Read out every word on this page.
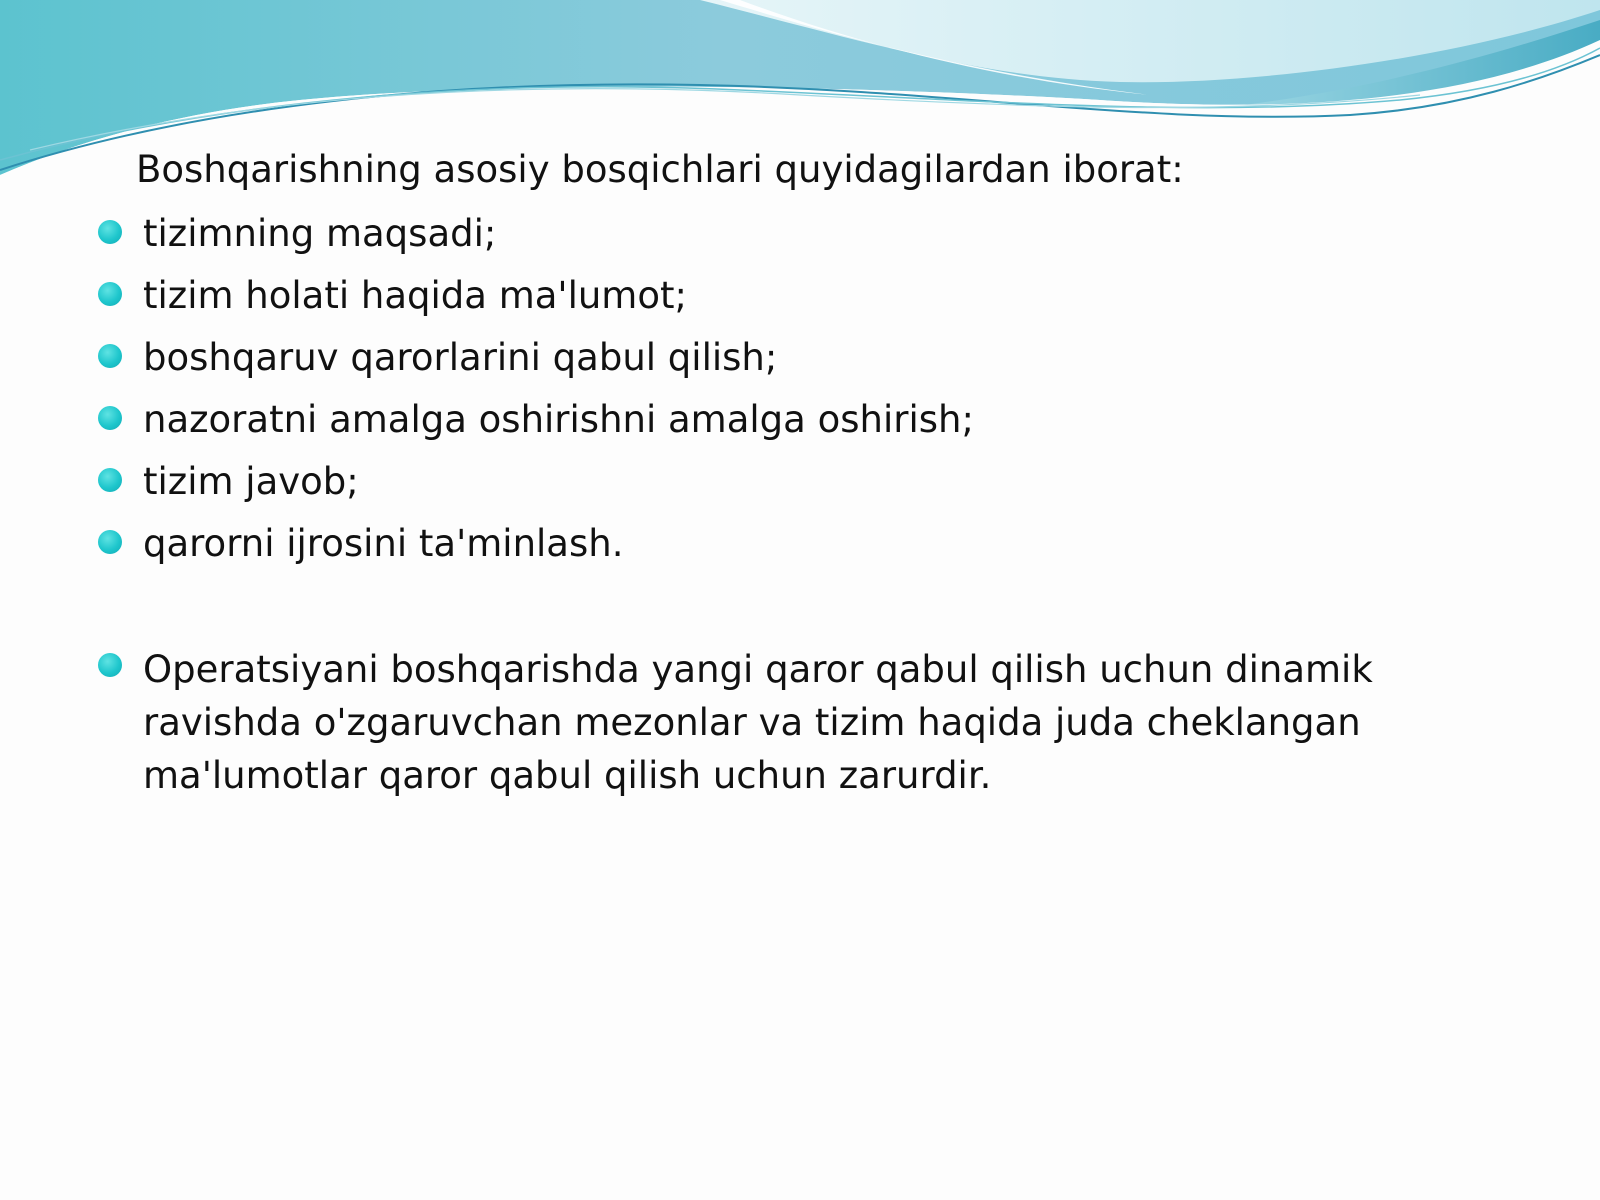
Boshqarishning asosiy bosqichlari quyidagilardan iborat:
tizimning maqsadi;
tizim holati haqida ma'lumot;
boshqaruv qarorlarini qabul qilish;
nazoratni amalga oshirishni amalga oshirish;
tizim javob;
qarorni ijrosini ta'minlash.
Operatsiyani boshqarishda yangi qaror qabul qilish uchun dinamik ravishda o'zgaruvchan mezonlar va tizim haqida juda cheklangan ma'lumotlar qaror qabul qilish uchun zarurdir.
